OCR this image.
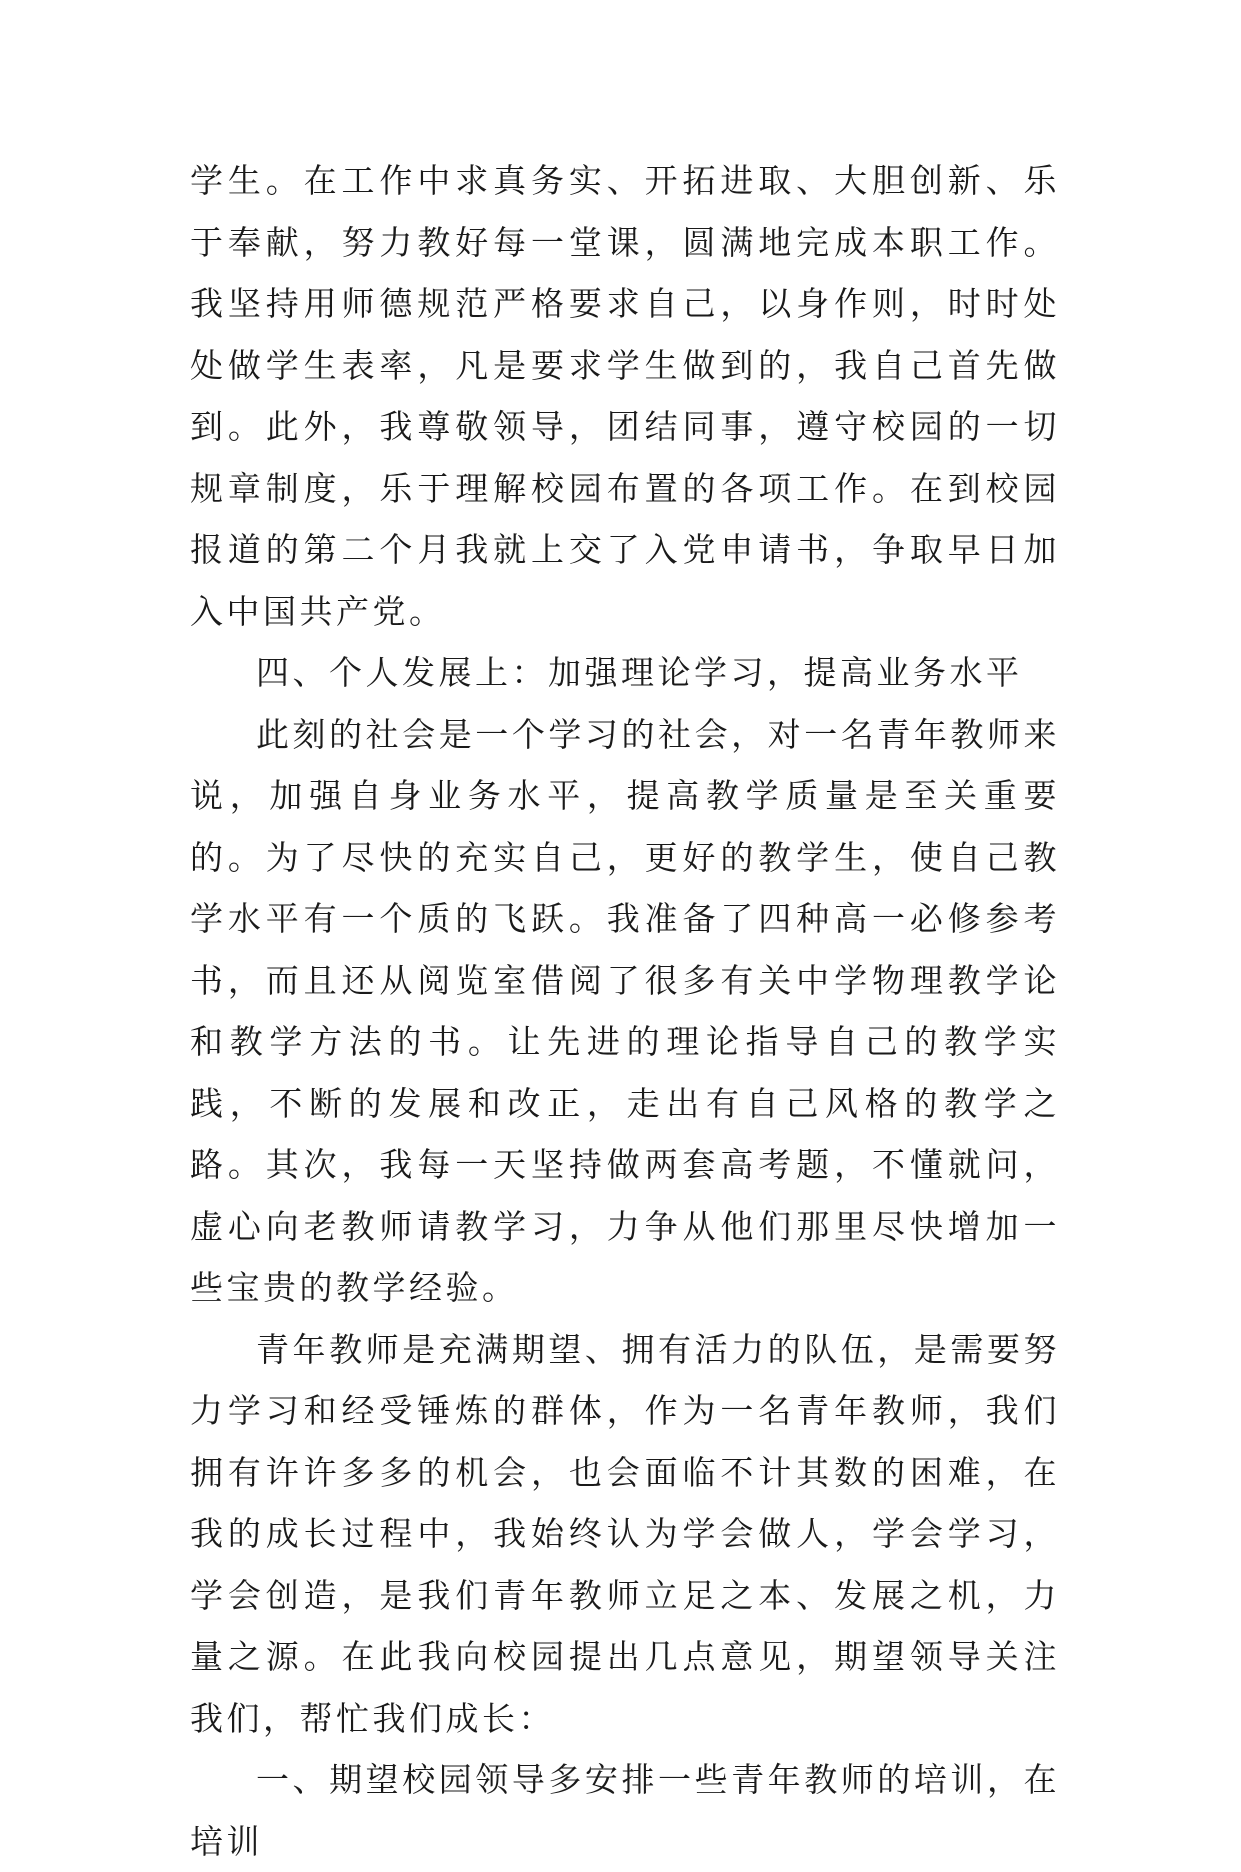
学生。在工作中求真务实、开拓进取、大胆创新、乐于奉献，努力教好每一堂课，圆满地完成本职工作。我坚持用师德规范严格要求自己，以身作则，时时处处做学生表率，凡是要求学生做到的，我自己首先做到。此外，我尊敬领导，团结同事，遵守校园的一切规章制度，乐于理解校园布置的各项工作。在到校园报道的第二个月我就上交了入党申请书，争取早日加入中国共产党。

四、个人发展上：加强理论学习，提高业务水平

此刻的社会是一个学习的社会，对一名青年教师来说，加强自身业务水平，提高教学质量是至关重要的。为了尽快的充实自己，更好的教学生，使自己教学水平有一个质的飞跃。我准备了四种高一必修参考书，而且还从阅览室借阅了很多有关中学物理教学论和教学方法的书。让先进的理论指导自己的教学实践，不断的发展和改正，走出有自己风格的教学之路。其次，我每一天坚持做两套高考题，不懂就问，虚心向老教师请教学习，力争从他们那里尽快增加一些宝贵的教学经验。

青年教师是充满期望、拥有活力的队伍，是需要努力学习和经受锤炼的群体，作为一名青年教师，我们拥有许许多多的机会，也会面临不计其数的困难，在我的成长过程中，我始终认为学会做人，学会学习，学会创造，是我们青年教师立足之本、发展之机，力量之源。在此我向校园提出几点意见，期望领导关注我们，帮忙我们成长：

一、期望校园领导多安排一些青年教师的培训，在培训
